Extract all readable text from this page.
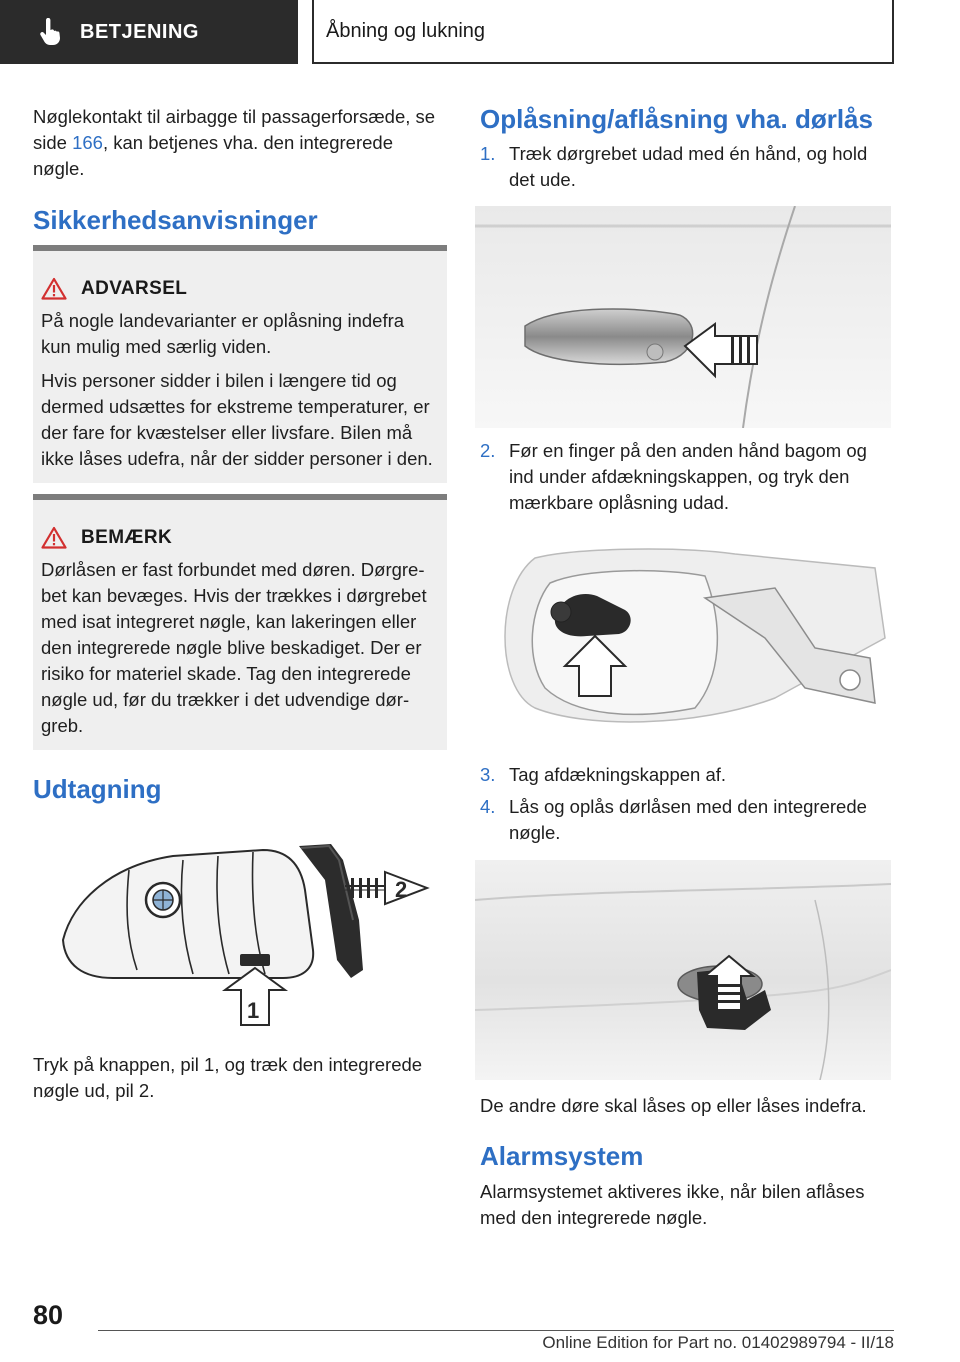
BETJENING	Åbning og lukning

Nøglekontakt til airbagge til passagerforsæde, se side 166, kan betjenes vha. den integrerede nøgle.

Sikkerhedsanvisninger
ADVARSEL

På nogle landevarianter er oplåsning indefra kun mulig med særlig viden.

Hvis personer sidder i bilen i længere tid og dermed udsættes for ekstreme temperaturer, er der fare for kvæstelser eller livsfare. Bilen må ikke låses udefra, når der sidder personer i den.

BEMÆRK

Dørlåsen er fast forbundet med døren. Dørgre-bet kan bevæges. Hvis der trækkes i dørgrebet med isat integreret nøgle, kan lakeringen eller den integrerede nøgle blive beskadiget. Der er risiko for materiel skade. Tag den integrerede nøgle ud, før du trækker i det udvendige dør-greb.

Udtagning
2
1

Tryk på knappen, pil 1, og træk den integrerede nøgle ud, pil 2.

Oplåsning/aflåsning vha. dørlås
1. Træk dørgrebet udad med én hånd, og hold det ude.
2. Før en finger på den anden hånd bagom og ind under afdækningskappen, og tryk den mærkbare oplåsning udad.
3. Tag afdækningskappen af.
4. Lås og oplås dørlåsen med den integrerede nøgle.

De andre døre skal låses op eller låses indefra.

Alarmsystem

Alarmsystemet aktiveres ikke, når bilen aflåses med den integrerede nøgle.

80
Online Edition for Part no. 01402989794 - II/18
